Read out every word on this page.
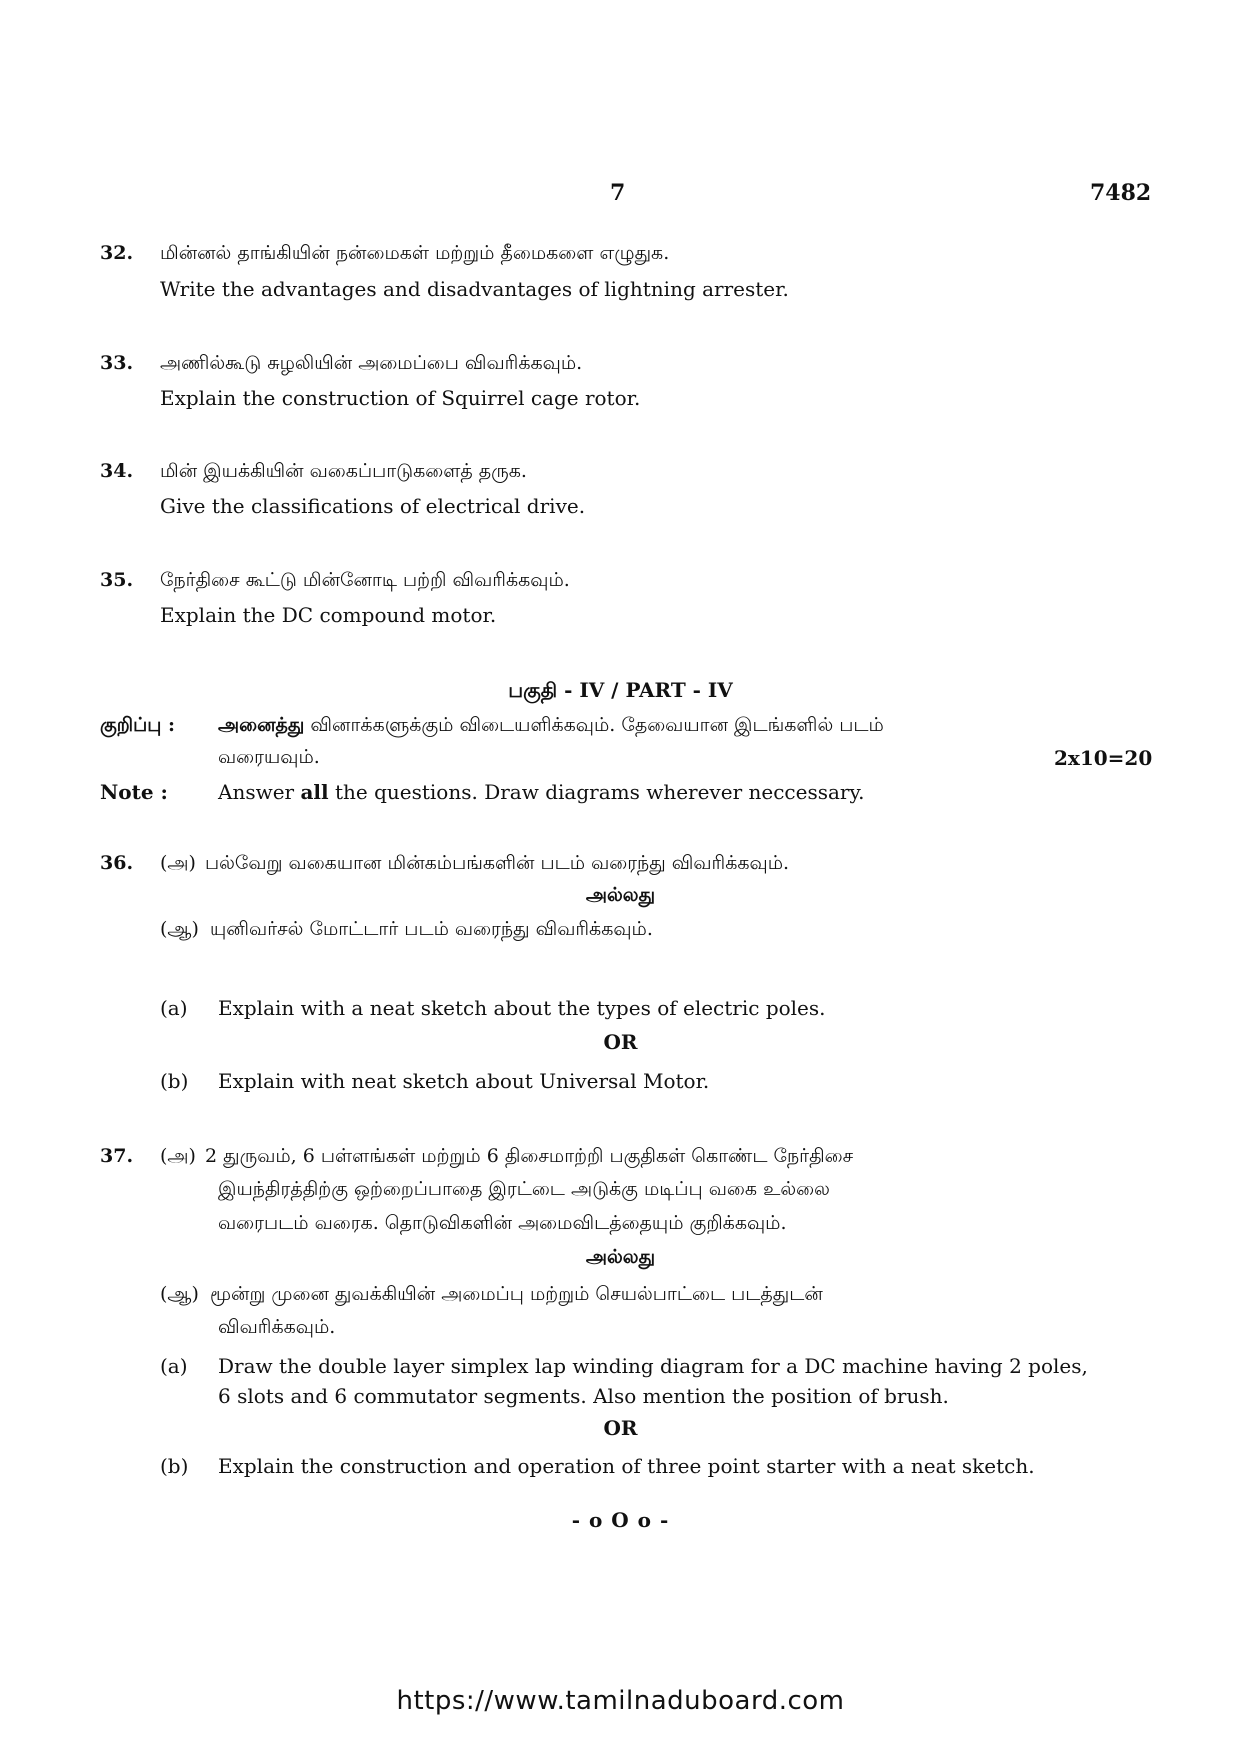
7	7482
32. மின்னல் தாங்கியின் நன்மைகள் மற்றும் தீமைகளை எழுதுக.
Write the advantages and disadvantages of lightning arrester.
33. அணில்கூடு சுழலியின் அமைப்பை விவரிக்கவும்.
Explain the construction of Squirrel cage rotor.
34. மின் இயக்கியின் வகைப்பாடுகளைத் தருக.
Give the classifications of electrical drive.
35. நேர்திசை கூட்டு மின்னோடி பற்றி விவரிக்கவும்.
Explain the DC compound motor.
பகுதி - IV / PART - IV
குறிப்பு : அனைத்து வினாக்களுக்கும் விடையளிக்கவும். தேவையான இடங்களில் படம்
வரையவும்.	2x10=20
Note :	Answer all the questions. Draw diagrams wherever neccessary.
36. (அ) பல்வேறு வகையான மின்கம்பங்களின் படம் வரைந்து விவரிக்கவும்.
அல்லது
(ஆ) யுனிவர்சல் மோட்டார் படம் வரைந்து விவரிக்கவும்.
(a) Explain with a neat sketch about the types of electric poles.
OR
(b) Explain with neat sketch about Universal Motor.
37. (அ) 2 துருவம், 6 பள்ளங்கள் மற்றும் 6 திசைமாற்றி பகுதிகள் கொண்ட நேர்திசை
இயந்திரத்திற்கு ஒற்றைப்பாதை இரட்டை அடுக்கு மடிப்பு வகை உல்லை
வரைபடம் வரைக. தொடுவிகளின் அமைவிடத்தையும் குறிக்கவும்.
அல்லது
(ஆ) மூன்று முனை துவக்கியின் அமைப்பு மற்றும் செயல்பாட்டை படத்துடன்
விவரிக்கவும்.
(a) Draw the double layer simplex lap winding diagram for a DC machine having 2 poles,
6 slots and 6 commutator segments. Also mention the position of brush.
OR
(b) Explain the construction and operation of three point starter with a neat sketch.
- o O o -
https://www.tamilnaduboard.com
